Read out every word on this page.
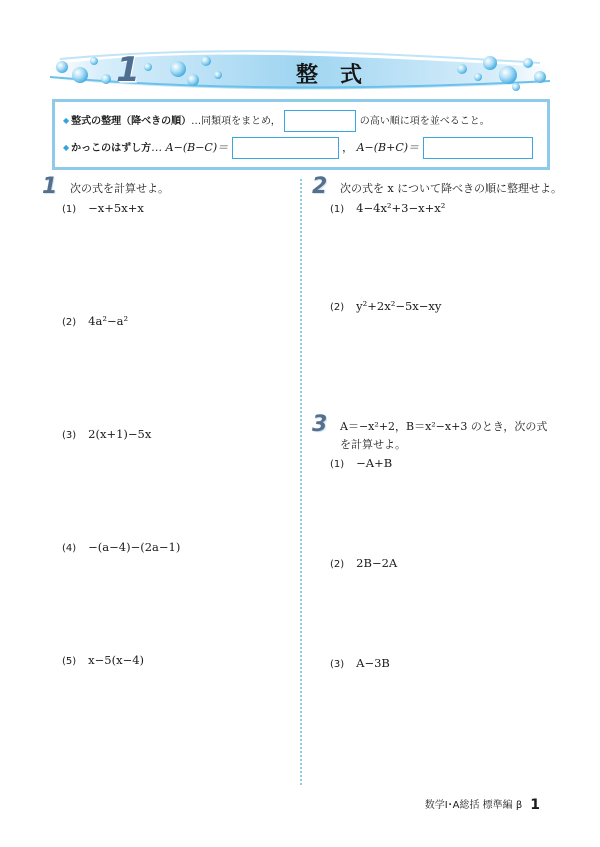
1	整式
◆ 整式の整理（降べきの順）…同類項をまとめ，	の高い順に項を並べること。
◆ かっこのはずし方… A−(B−C)＝	， A−(B+C)＝
1 次の式を計算せよ。
(1) −x+5x+x
(2) 4a²−a²
(3) 2(x+1)−5x
(4) −(a−4)−(2a−1)
(5) x−5(x−4)
2 次の式を x について降べきの順に整理せよ。
(1) 4−4x²+3−x+x²
(2) y²+2x²−5x−xy
3 A＝−x²+2，B＝x²−x+3 のとき，次の式
を計算せよ。
(1) −A+B
(2) 2B−2A
(3) A−3B
数学Ⅰ･A総括 標準編 β 1
